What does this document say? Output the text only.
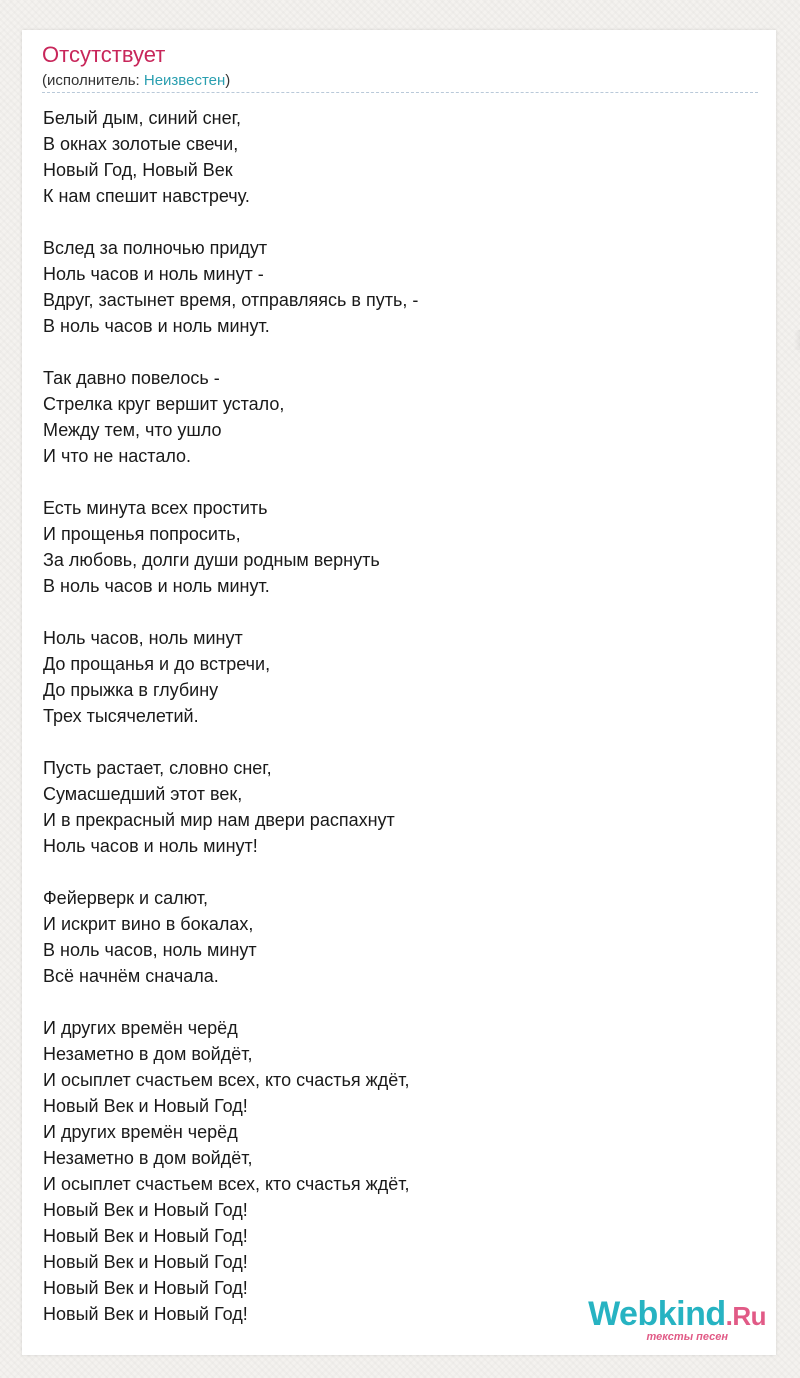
Отсутствует
(исполнитель: Неизвестен)
Белый дым, синий снег,
В окнах золотые свечи,
Новый Год, Новый Век
К нам спешит навстречу.
Вслед за полночью придут
Ноль часов и ноль минут -
Вдруг, застынет время, отправляясь в путь, -
В ноль часов и ноль минут.
Так давно повелось -
Стрелка круг вершит устало,
Между тем, что ушло
И что не настало.
Есть минута всех простить
И прощенья попросить,
За любовь, долги души родным вернуть
В ноль часов и ноль минут.
Ноль часов, ноль минут
До прощанья и до встречи,
До прыжка в глубину
Трех тысячелетий.
Пусть растает, словно снег,
Сумасшедший этот век,
И в прекрасный мир нам двери распахнут
Ноль часов и ноль минут!
Фейерверк и салют,
И искрит вино в бокалах,
В ноль часов, ноль минут
Всё начнём сначала.
И других времён черёд
Незаметно в дом войдёт,
И осыплет счастьем всех, кто счастья ждёт,
Новый Век и Новый Год!
И других времён черёд
Незаметно в дом войдёт,
И осыплет счастьем всех, кто счастья ждёт,
Новый Век и Новый Год!
Новый Век и Новый Год!
Новый Век и Новый Год!
Новый Век и Новый Год!
Новый Век и Новый Год!	Webkind.Ru
тексты песен
